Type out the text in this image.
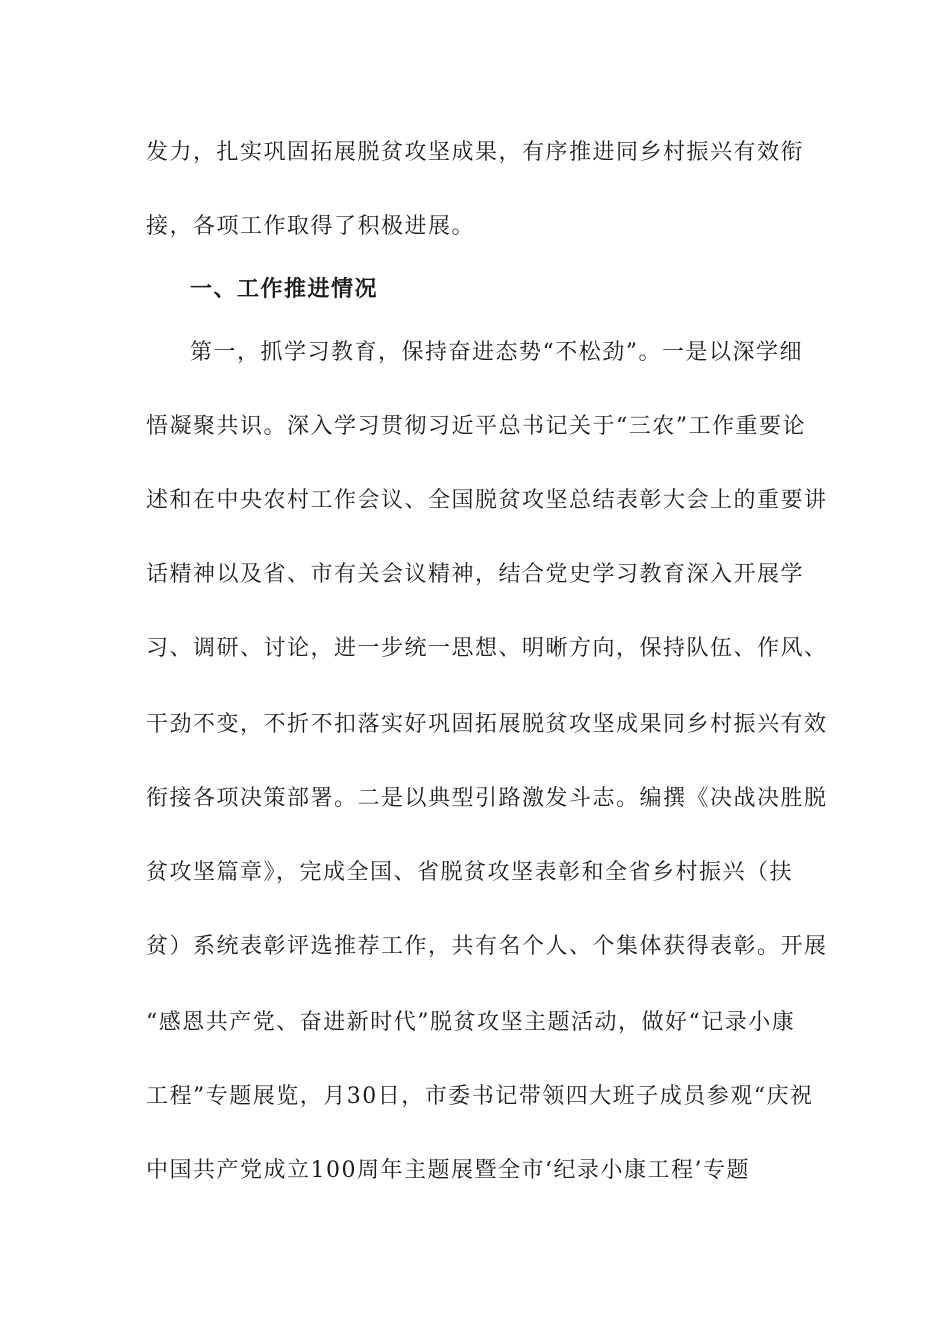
发力，扎实巩固拓展脱贫攻坚成果，有序推进同乡村振兴有效衔
接，各项工作取得了积极进展。
一、工作推进情况
第一，抓学习教育，保持奋进态势“不松劲”。一是以深学细
悟凝聚共识。深入学习贯彻习近平总书记关于“三农”工作重要论
述和在中央农村工作会议、全国脱贫攻坚总结表彰大会上的重要讲
话精神以及省、市有关会议精神，结合党史学习教育深入开展学
习、调研、讨论，进一步统一思想、明晰方向，保持队伍、作风、
干劲不变，不折不扣落实好巩固拓展脱贫攻坚成果同乡村振兴有效
衔接各项决策部署。二是以典型引路激发斗志。编撰《决战决胜脱
贫攻坚篇章》，完成全国、省脱贫攻坚表彰和全省乡村振兴（扶
贫）系统表彰评选推荐工作，共有名个人、个集体获得表彰。开展
“感恩共产党、奋进新时代”脱贫攻坚主题活动，做好“记录小康
工程”专题展览，月30日，市委书记带领四大班子成员参观“庆祝
中国共产党成立100周年主题展暨全市‘纪录小康工程’专题
